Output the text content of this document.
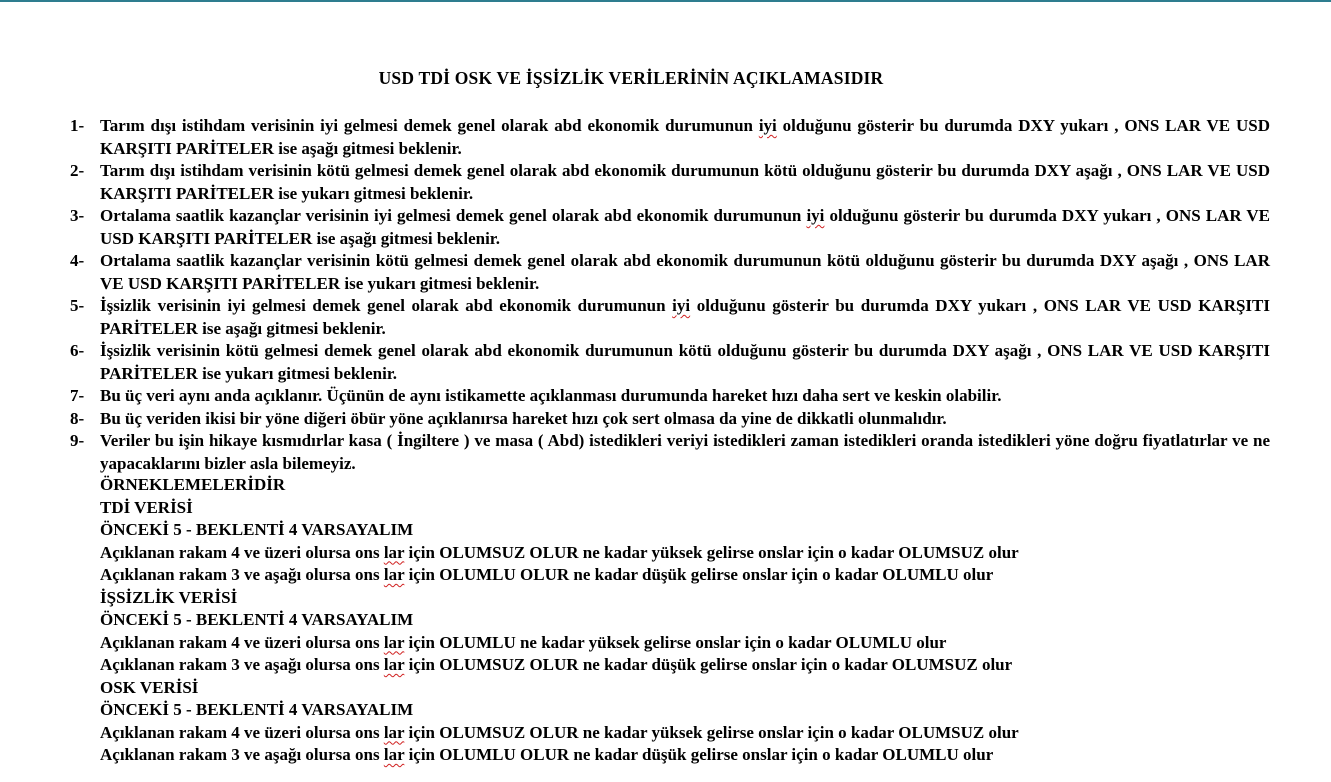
USD TDİ OSK VE İŞSİZLİK VERİLERİNİN AÇIKLAMASIDIR
1- Tarım dışı istihdam verisinin iyi gelmesi demek genel olarak abd ekonomik durumunun iyi olduğunu gösterir bu durumda DXY yukarı , ONS LAR VE USD KARŞITI PARİTELER ise aşağı gitmesi beklenir.
2- Tarım dışı istihdam verisinin kötü gelmesi demek genel olarak abd ekonomik durumunun kötü olduğunu gösterir bu durumda DXY aşağı , ONS LAR VE USD KARŞITI PARİTELER ise yukarı gitmesi beklenir.
3- Ortalama saatlik kazançlar verisinin iyi gelmesi demek genel olarak abd ekonomik durumunun iyi olduğunu gösterir bu durumda DXY yukarı , ONS LAR VE USD KARŞITI PARİTELER ise aşağı gitmesi beklenir.
4- Ortalama saatlik kazançlar verisinin kötü gelmesi demek genel olarak abd ekonomik durumunun kötü olduğunu gösterir bu durumda DXY aşağı , ONS LAR VE USD KARŞITI PARİTELER ise yukarı gitmesi beklenir.
5- İşsizlik verisinin iyi gelmesi demek genel olarak abd ekonomik durumunun iyi olduğunu gösterir bu durumda DXY yukarı , ONS LAR VE USD KARŞITI PARİTELER ise aşağı gitmesi beklenir.
6- İşsizlik verisinin kötü gelmesi demek genel olarak abd ekonomik durumunun kötü olduğunu gösterir bu durumda DXY aşağı , ONS LAR VE USD KARŞITI PARİTELER ise yukarı gitmesi beklenir.
7- Bu üç veri aynı anda açıklanır. Üçünün de aynı istikamette açıklanması durumunda hareket hızı daha sert ve keskin olabilir.
8- Bu üç veriden ikisi bir yöne diğeri öbür yöne açıklanırsa hareket hızı çok sert olmasa da yine de dikkatli olunmalıdır.
9- Veriler bu işin hikaye kısmıdırlar kasa ( İngiltere ) ve masa ( Abd) istedikleri veriyi istedikleri zaman istedikleri oranda istedikleri yöne doğru fiyatlatırlar ve ne yapacaklarını bizler asla bilemeyiz.
ÖRNEKLEMELERİDİR
TDİ VERİSİ
ÖNCEKİ 5 - BEKLENTİ 4 VARSAYALIM
Açıklanan rakam 4 ve üzeri olursa ons lar için OLUMSUZ OLUR ne kadar yüksek gelirse onslar için o kadar OLUMSUZ olur
Açıklanan rakam 3 ve aşağı olursa ons lar için OLUMLU OLUR ne kadar düşük gelirse onslar için o kadar OLUMLU olur
İŞSİZLİK VERİSİ
ÖNCEKİ 5 - BEKLENTİ 4 VARSAYALIM
Açıklanan rakam 4 ve üzeri olursa ons lar için OLUMLU ne kadar yüksek gelirse onslar için o kadar OLUMLU olur
Açıklanan rakam 3 ve aşağı olursa ons lar için OLUMSUZ OLUR ne kadar düşük gelirse onslar için o kadar OLUMSUZ olur
OSK VERİSİ
ÖNCEKİ 5 - BEKLENTİ 4 VARSAYALIM
Açıklanan rakam 4 ve üzeri olursa ons lar için OLUMSUZ OLUR ne kadar yüksek gelirse onslar için o kadar OLUMSUZ olur
Açıklanan rakam 3 ve aşağı olursa ons lar için OLUMLU OLUR ne kadar düşük gelirse onslar için o kadar OLUMLU olur
